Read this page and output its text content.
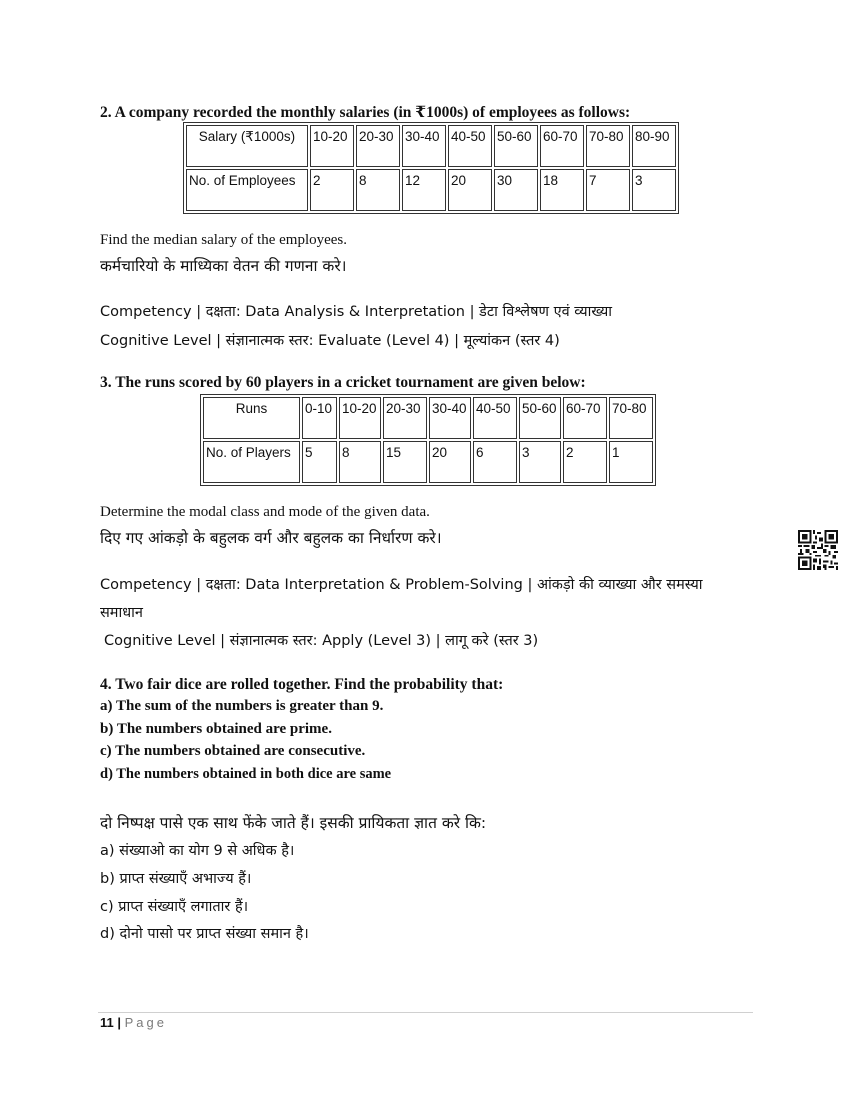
2. A company recorded the monthly salaries (in ₹1000s) of employees as follows:
Salary (₹1000s)	10-20	20-30	30-40	40-50	50-60	60-70	70-80	80-90
No. of Employees	2	8	12	20	30	18	7	3
Find the median salary of the employees.
कर्मचारियो के माध्यिका वेतन की गणना करे।
Competency | दक्षता: Data Analysis & Interpretation | डेटा विश्लेषण एवं व्याख्या
Cognitive Level | संज्ञानात्मक स्तर: Evaluate (Level 4) | मूल्यांकन (स्तर 4)
3. The runs scored by 60 players in a cricket tournament are given below:
Runs	0-10	10-20	20-30	30-40	40-50	50-60	60-70	70-80
No. of Players	5	8	15	20	6	3	2	1
Determine the modal class and mode of the given data.
दिए गए आंकड़ो के बहुलक वर्ग और बहुलक का निर्धारण करे।
Competency | दक्षता: Data Interpretation & Problem-Solving | आंकड़ो की व्याख्या और समस्या
समाधान
Cognitive Level | संज्ञानात्मक स्तर: Apply (Level 3) | लागू करे (स्तर 3)
4. Two fair dice are rolled together. Find the probability that:
a) The sum of the numbers is greater than 9.
b) The numbers obtained are prime.
c) The numbers obtained are consecutive.
d) The numbers obtained in both dice are same
दो निष्पक्ष पासे एक साथ फेंके जाते हैं। इसकी प्रायिकता ज्ञात करे कि:
a) संख्याओ का योग 9 से अधिक है।
b) प्राप्त संख्याएँ अभाज्य हैं।
c) प्राप्त संख्याएँ लगातार हैं।
d) दोनो पासो पर प्राप्त संख्या समान है।
11 | Page
